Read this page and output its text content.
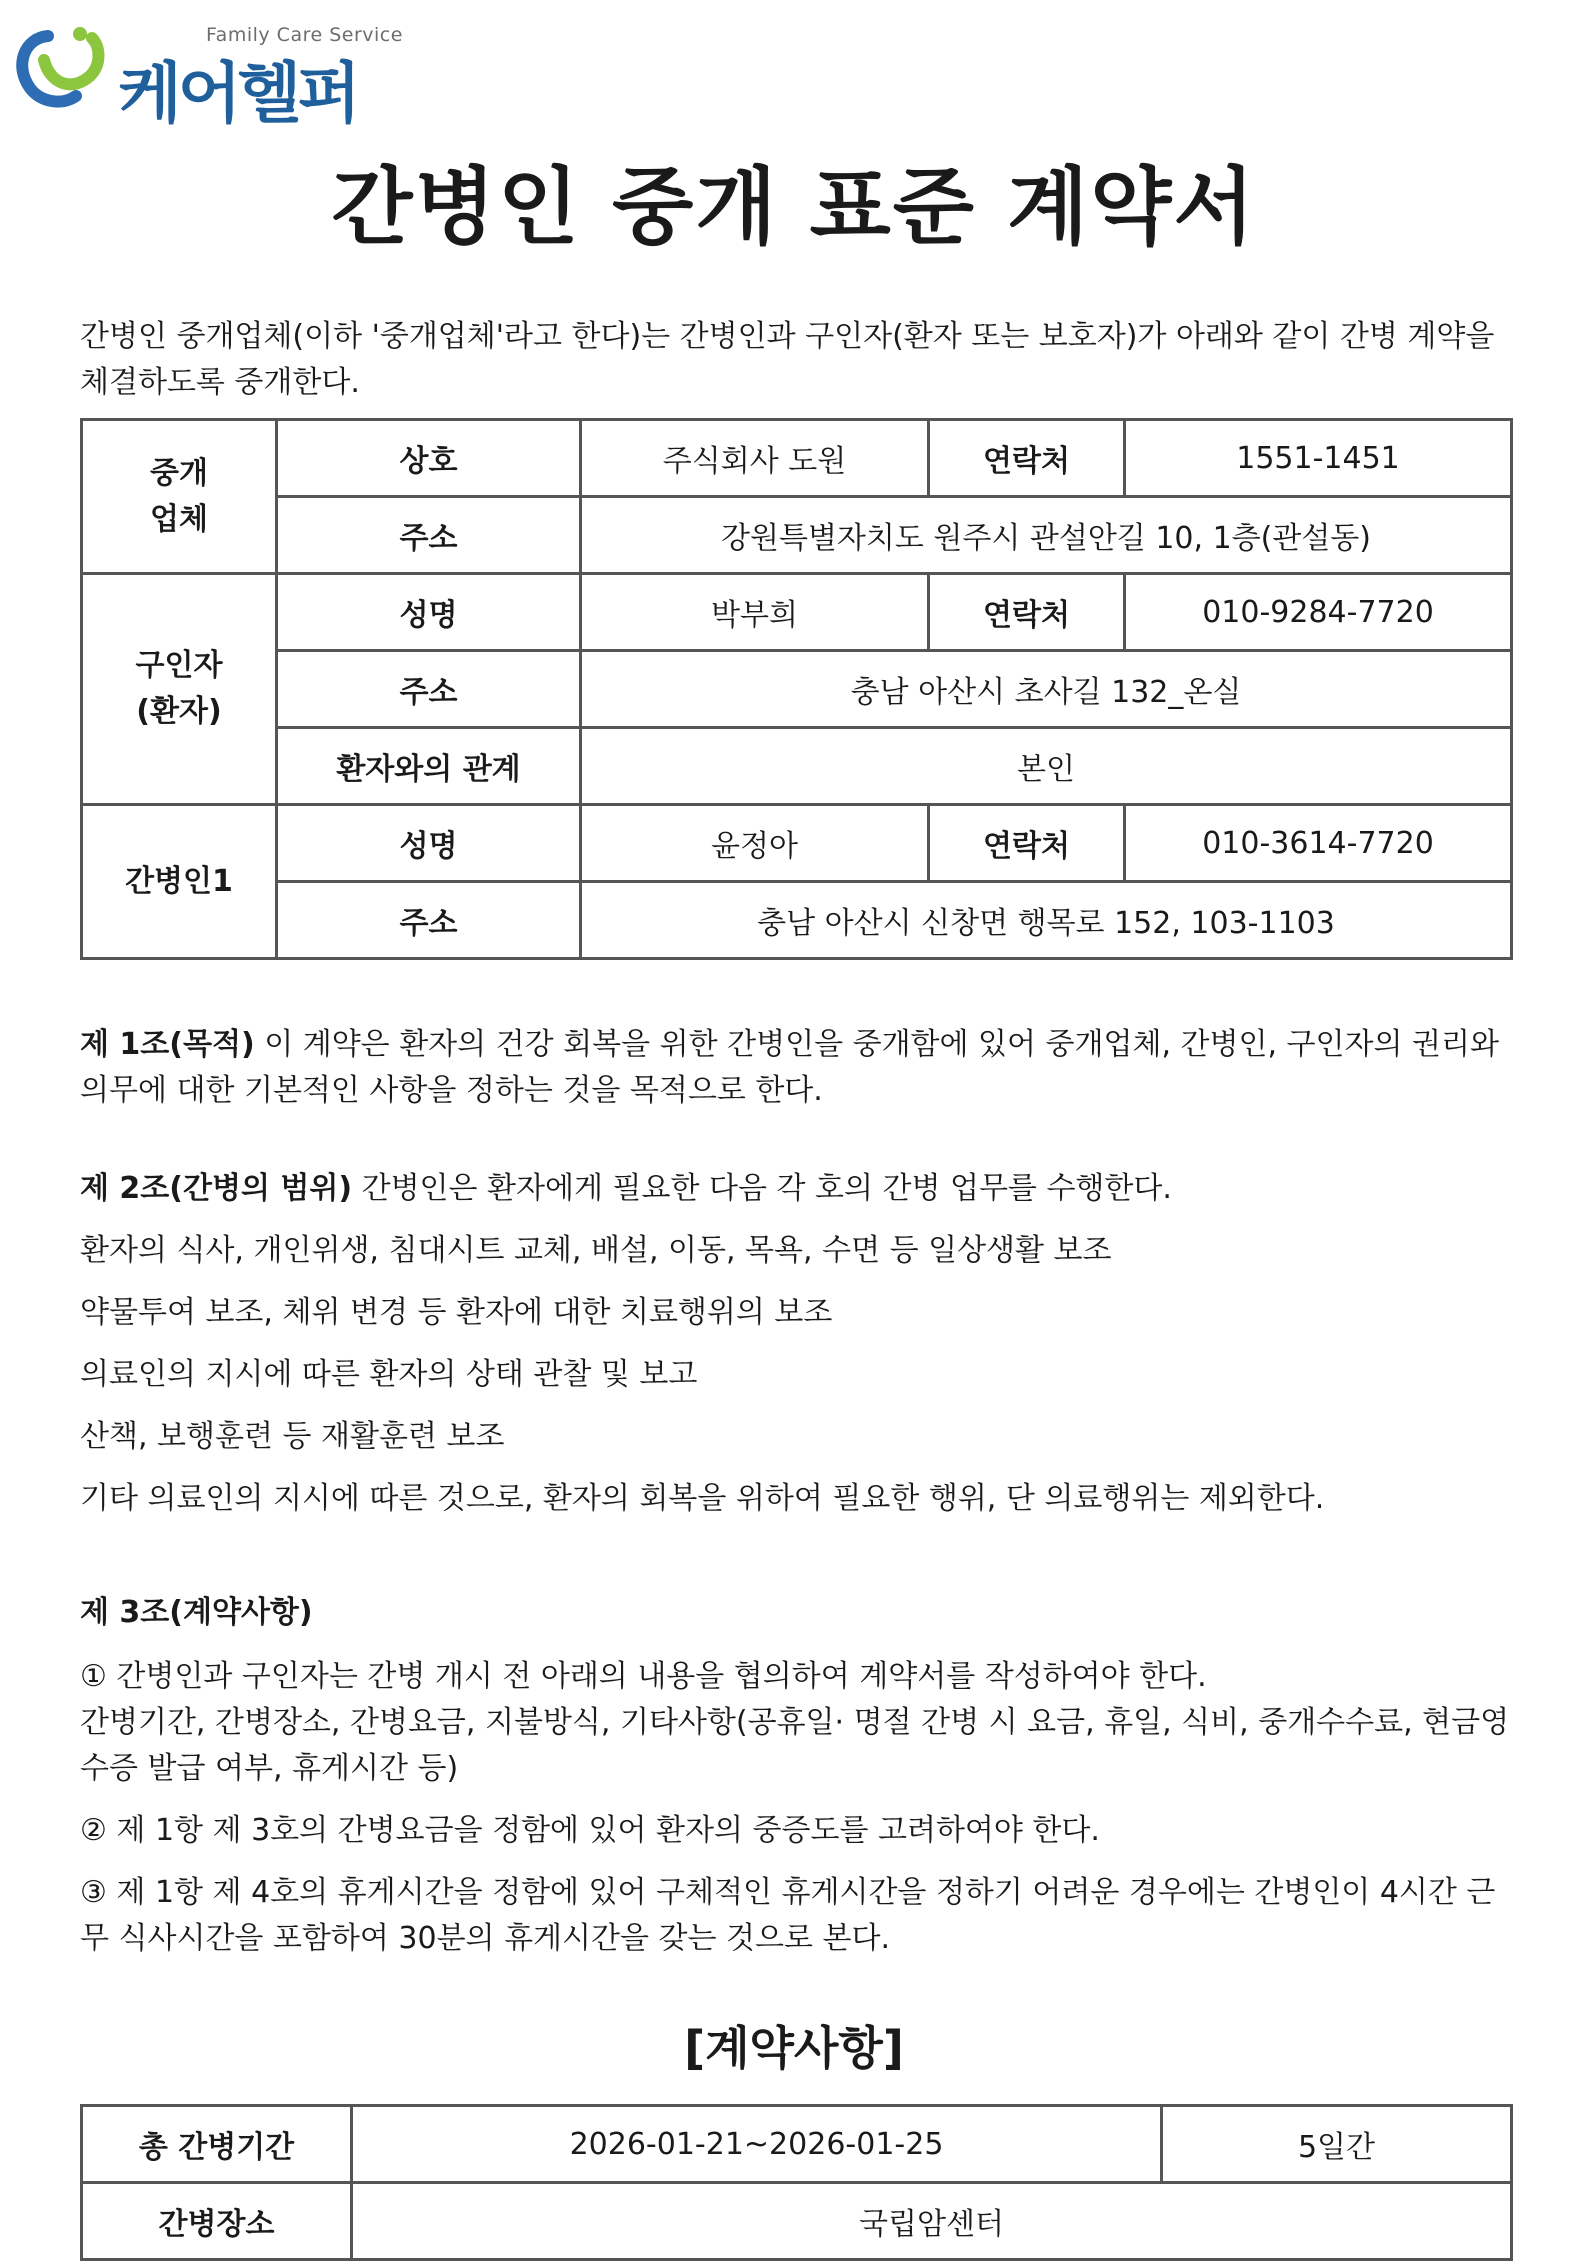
Family Care Service
케어헬퍼
간병인 중개 표준 계약서
간병인 중개업체(이하 '중개업체'라고 한다)는 간병인과 구인자(환자 또는 보호자)가 아래와 같이 간병 계약을 체결하도록 중개한다.
중개
업체	상호	주식회사 도원	연락처	1551-1451
	주소	강원특별자치도 원주시 관설안길 10, 1층(관설동)		
구인자
(환자)	성명	박부희	연락처	010-9284-7720
	주소	충남 아산시 초사길 132_온실		
	환자와의 관계	본인		
간병인1	성명	윤정아	연락처	010-3614-7720
	주소	충남 아산시 신창면 행목로 152, 103-1103		
제 1조(목적) 이 계약은 환자의 건강 회복을 위한 간병인을 중개함에 있어 중개업체, 간병인, 구인자의 권리와 의무에 대한 기본적인 사항을 정하는 것을 목적으로 한다.
제 2조(간병의 범위) 간병인은 환자에게 필요한 다음 각 호의 간병 업무를 수행한다.
환자의 식사, 개인위생, 침대시트 교체, 배설, 이동, 목욕, 수면 등 일상생활 보조
약물투여 보조, 체위 변경 등 환자에 대한 치료행위의 보조
의료인의 지시에 따른 환자의 상태 관찰 및 보고
산책, 보행훈련 등 재활훈련 보조
기타 의료인의 지시에 따른 것으로, 환자의 회복을 위하여 필요한 행위, 단 의료행위는 제외한다.
제 3조(계약사항)
① 간병인과 구인자는 간병 개시 전 아래의 내용을 협의하여 계약서를 작성하여야 한다.
간병기간, 간병장소, 간병요금, 지불방식, 기타사항(공휴일· 명절 간병 시 요금, 휴일, 식비, 중개수수료, 현금영수증 발급 여부, 휴게시간 등)
② 제 1항 제 3호의 간병요금을 정함에 있어 환자의 중증도를 고려하여야 한다.
③ 제 1항 제 4호의 휴게시간을 정함에 있어 구체적인 휴게시간을 정하기 어려운 경우에는 간병인이 4시간 근무 식사시간을 포함하여 30분의 휴게시간을 갖는 것으로 본다.
[계약사항]
총 간병기간	2026-01-21~2026-01-25	5일간
간병장소	국립암센터	
